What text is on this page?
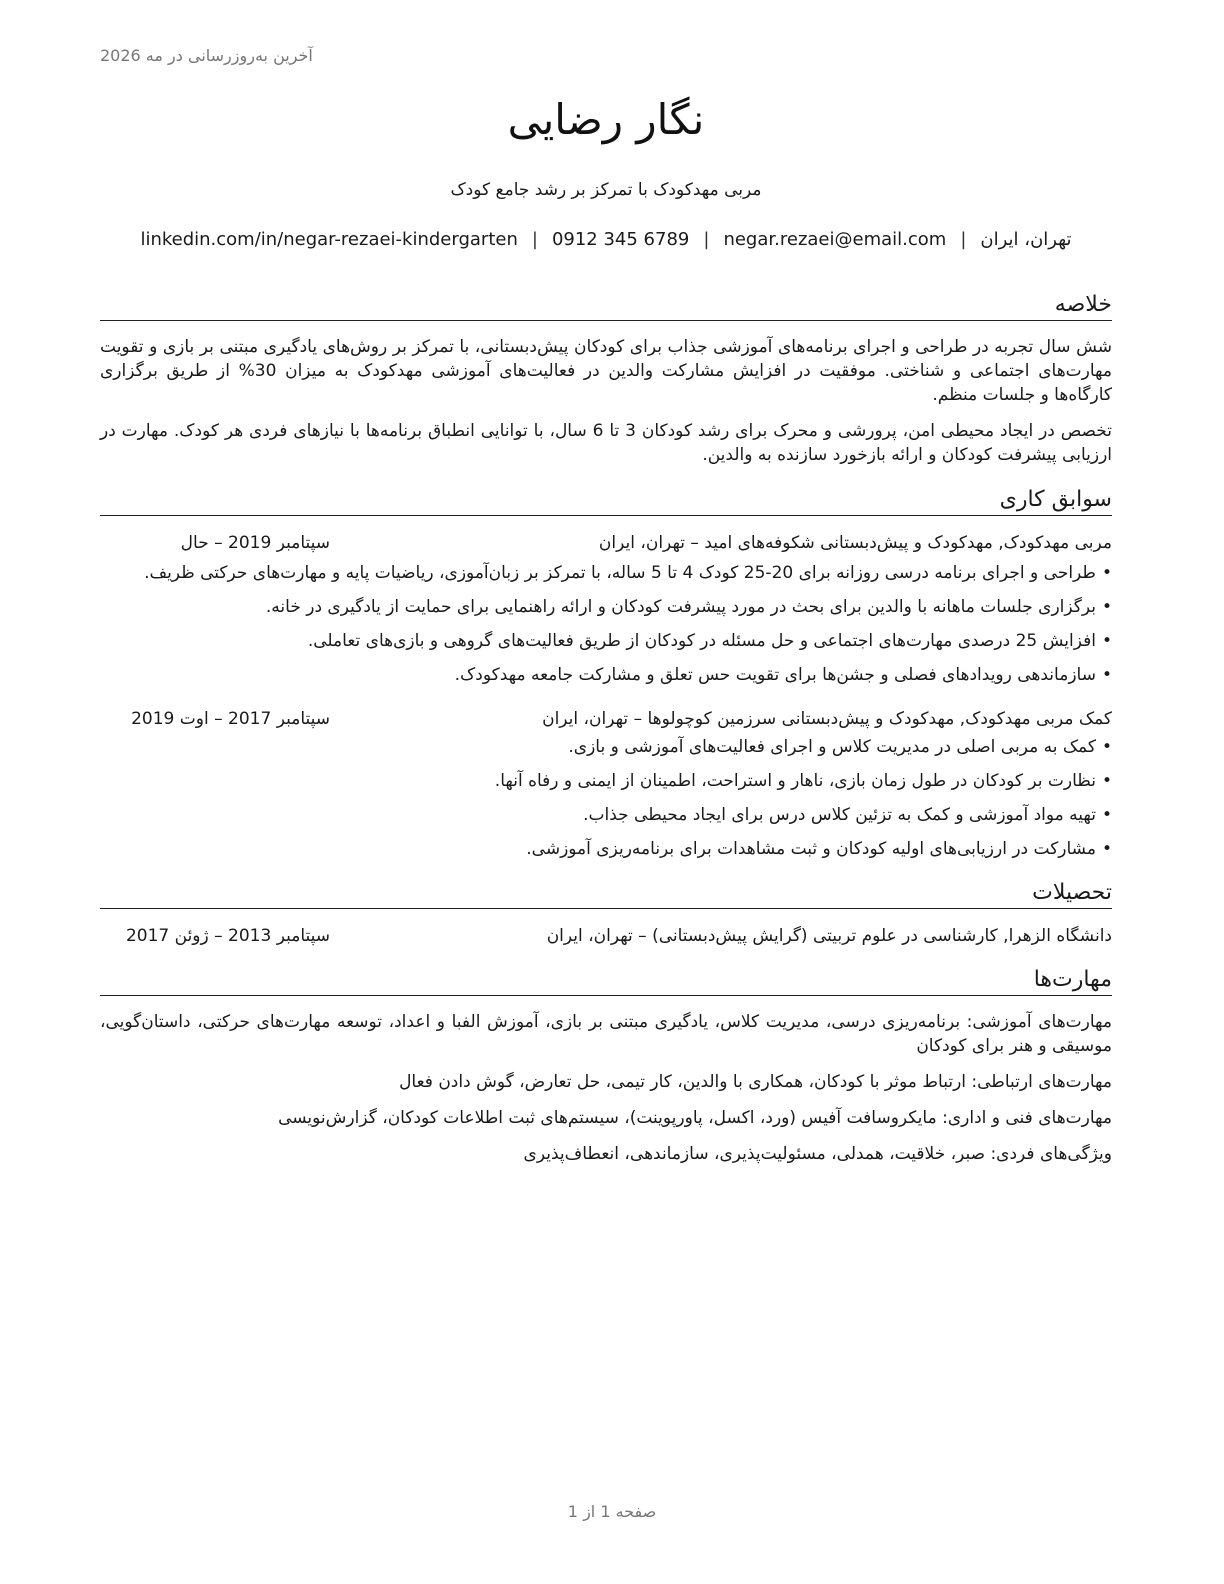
آخرین به‌روزرسانی در مه 2026
نگار رضایی
مربی مهدکودک با تمرکز بر رشد جامع کودک
تهران، ایران|negar.rezaei@email.com|0912 345 6789|linkedin.com/in/negar-rezaei-kindergarten
خلاصه

شش سال تجربه در طراحی و اجرای برنامه‌های آموزشی جذاب برای کودکان پیش‌دبستانی، با تمرکز بر روش‌های یادگیری مبتنی بر بازی و تقویت مهارت‌های اجتماعی و شناختی. موفقیت در افزایش مشارکت والدین در فعالیت‌های آموزشی مهدکودک به میزان 30% از طریق برگزاری کارگاه‌ها و جلسات منظم.

تخصص در ایجاد محیطی امن، پرورشی و محرک برای رشد کودکان 3 تا 6 سال، با توانایی انطباق برنامه‌ها با نیازهای فردی هر کودک. مهارت در ارزیابی پیشرفت کودکان و ارائه بازخورد سازنده به والدین.

سوابق کاری
مربی مهدکودک, مهدکودک و پیش‌دبستانی شکوفه‌های امید – تهران، ایران
سپتامبر 2019 – حال
•طراحی و اجرای برنامه درسی روزانه برای 20-25 کودک 4 تا 5 ساله، با تمرکز بر زبان‌آموزی، ریاضیات پایه و مهارت‌های حرکتی ظریف.
•برگزاری جلسات ماهانه با والدین برای بحث در مورد پیشرفت کودکان و ارائه راهنمایی برای حمایت از یادگیری در خانه.
•افزایش 25 درصدی مهارت‌های اجتماعی و حل مسئله در کودکان از طریق فعالیت‌های گروهی و بازی‌های تعاملی.
•سازماندهی رویدادهای فصلی و جشن‌ها برای تقویت حس تعلق و مشارکت جامعه مهدکودک.
کمک مربی مهدکودک, مهدکودک و پیش‌دبستانی سرزمین کوچولوها – تهران، ایران
سپتامبر 2017 – اوت 2019
•کمک به مربی اصلی در مدیریت کلاس و اجرای فعالیت‌های آموزشی و بازی.
•نظارت بر کودکان در طول زمان بازی، ناهار و استراحت، اطمینان از ایمنی و رفاه آنها.
•تهیه مواد آموزشی و کمک به تزئین کلاس درس برای ایجاد محیطی جذاب.
•مشارکت در ارزیابی‌های اولیه کودکان و ثبت مشاهدات برای برنامه‌ریزی آموزشی.
تحصیلات
دانشگاه الزهرا, کارشناسی در علوم تربیتی (گرایش پیش‌دبستانی) – تهران، ایران
سپتامبر 2013 – ژوئن 2017
مهارت‌ها

مهارت‌های آموزشی: برنامه‌ریزی درسی، مدیریت کلاس، یادگیری مبتنی بر بازی، آموزش الفبا و اعداد، توسعه مهارت‌های حرکتی، داستان‌گویی، موسیقی و هنر برای کودکان

مهارت‌های ارتباطی: ارتباط موثر با کودکان، همکاری با والدین، کار تیمی، حل تعارض، گوش دادن فعال

مهارت‌های فنی و اداری: مایکروسافت آفیس (ورد، اکسل، پاورپوینت)، سیستم‌های ثبت اطلاعات کودکان، گزارش‌نویسی

ویژگی‌های فردی: صبر، خلاقیت، همدلی، مسئولیت‌پذیری، سازماندهی، انعطاف‌پذیری

صفحه 1 از 1
